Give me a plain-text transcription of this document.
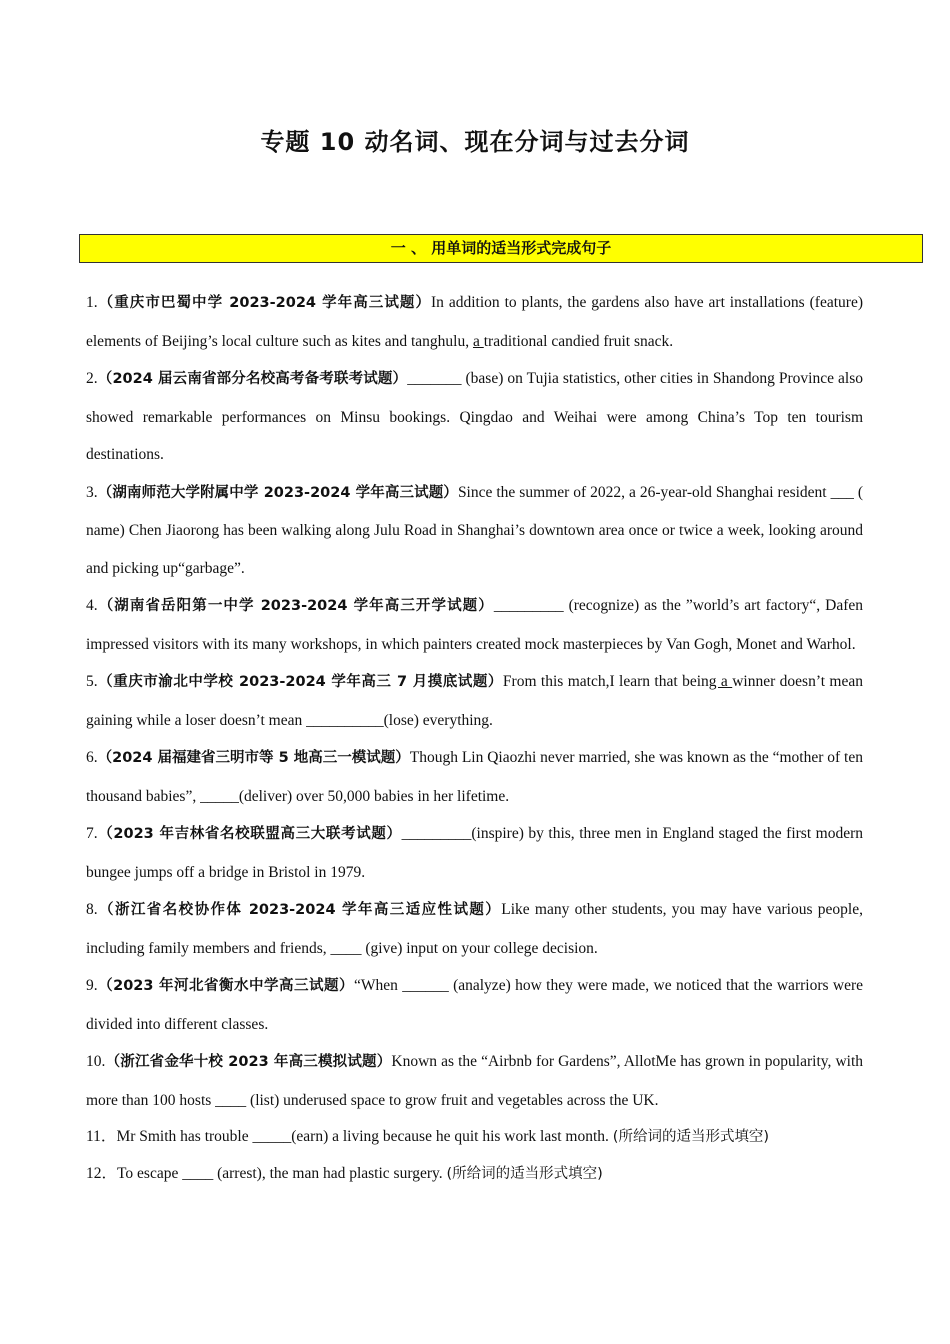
专题 10 动名词、现在分词与过去分词
一 、 用单词的适当形式完成句子
1.（重庆市巴蜀中学 2023-2024 学年高三试题）In addition to plants, the gardens also have art installations (feature) elements of Beijing’s local culture such as kites and tanghulu, a traditional candied fruit snack.
2.（2024 届云南省部分名校高考备考联考试题）_______ (base) on Tujia statistics, other cities in Shandong Province also showed remarkable performances on Minsu bookings. Qingdao and Weihai were among China’s Top ten tourism destinations.
3.（湖南师范大学附属中学 2023-2024 学年高三试题）Since the summer of 2022, a 26-year-old Shanghai resident ___ ( name) Chen Jiaorong has been walking along Julu Road in Shanghai’s downtown area once or twice a week, looking around and picking up“garbage”.
4.（湖南省岳阳第一中学 2023-2024 学年高三开学试题）_________ (recognize) as the ”world’s art factory“, Dafen impressed visitors with its many workshops, in which painters created mock masterpieces by Van Gogh, Monet and Warhol.
5.（重庆市渝北中学校 2023-2024 学年高三 7 月摸底试题）From this match,I learn that being a winner doesn’t mean gaining while a loser doesn’t mean __________(lose) everything.
6.（2024 届福建省三明市等 5 地高三一模试题）Though Lin Qiaozhi never married, she was known as the “mother of ten thousand babies”, _____(deliver) over 50,000 babies in her lifetime.
7.（2023 年吉林省名校联盟高三大联考试题）_________(inspire) by this, three men in England staged the first modern bungee jumps off a bridge in Bristol in 1979.
8.（浙江省名校协作体 2023-2024 学年高三适应性试题）Like many other students, you may have various people, including family members and friends, ____ (give) input on your college decision.
9.（2023 年河北省衡水中学高三试题）“When ______ (analyze) how they were made, we noticed that the warriors were divided into different classes.
10.（浙江省金华十校 2023 年高三模拟试题）Known as the “Airbnb for Gardens”, AllotMe has grown in popularity, with more than 100 hosts ____ (list) underused space to grow fruit and vegetables across the UK.
11．Mr Smith has trouble _____(earn) a living because he quit his work last month. (所给词的适当形式填空)
12．To escape ____ (arrest), the man had plastic surgery. (所给词的适当形式填空)
